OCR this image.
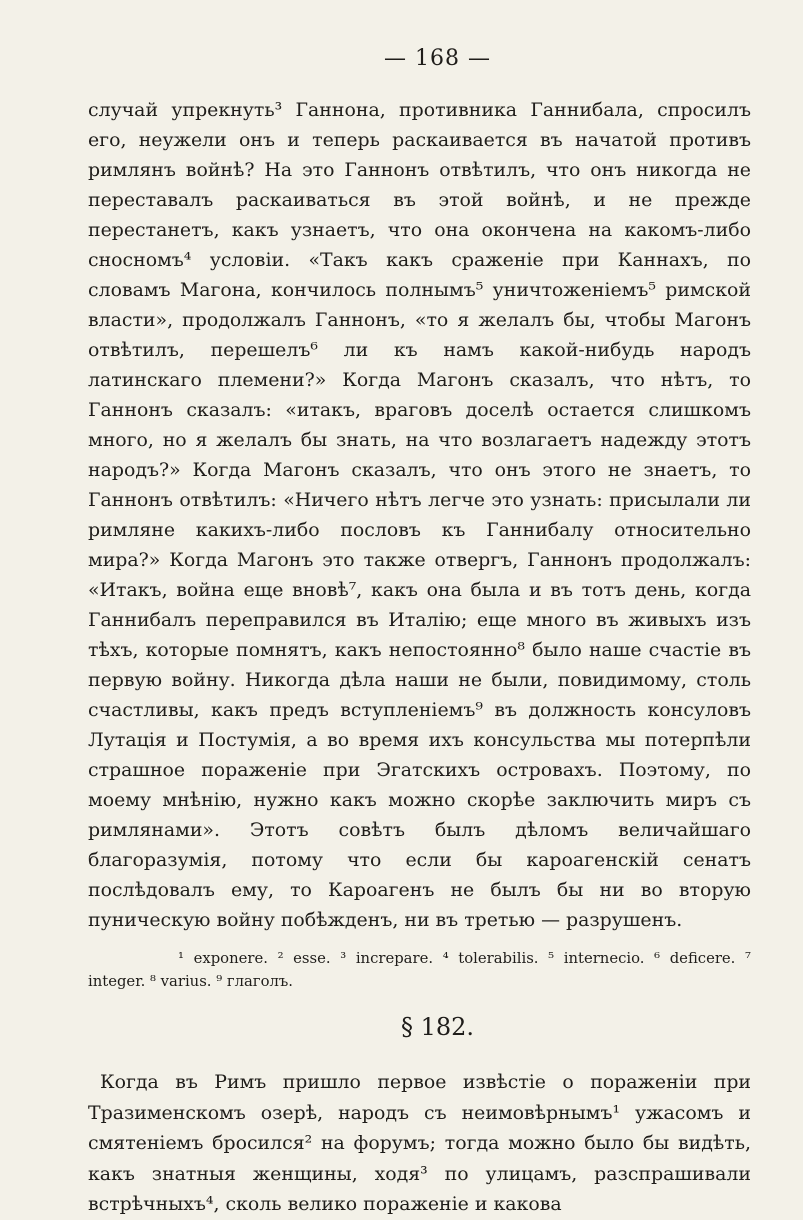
— 168 —

случай упрекнуть³ Ганнона, противника Ганнибала, спросилъ его, неужели онъ и теперь раскаивается въ начатой противъ римлянъ войнѣ? На это Ганнонъ отвѣтилъ, что онъ никогда не переставалъ раскаиваться въ этой войнѣ, и не прежде перестанетъ, какъ узнаетъ, что она окончена на какомъ-либо сносномъ⁴ условіи. «Такъ какъ сраженіе при Каннахъ, по словамъ Магона, кончилось полнымъ⁵ уничтоженіемъ⁵ римской власти», продолжалъ Ганнонъ, «то я желалъ бы, чтобы Магонъ отвѣтилъ, перешелъ⁶ ли къ намъ какой-нибудь народъ латинскаго племени?» Когда Магонъ сказалъ, что нѣтъ, то Ганнонъ сказалъ: «итакъ, враговъ доселѣ остается слишкомъ много, но я желалъ бы знать, на что возлагаетъ надежду этотъ народъ?» Когда Магонъ сказалъ, что онъ этого не знаетъ, то Ганнонъ отвѣтилъ: «Ничего нѣтъ легче это узнать: присылали ли римляне какихъ-либо пословъ къ Ганнибалу относительно мира?» Когда Магонъ это также отвергъ, Ганнонъ продолжалъ: «Итакъ, война еще вновѣ⁷, какъ она была и въ тотъ день, когда Ганнибалъ переправился въ Италію; еще много въ живыхъ изъ тѣхъ, которые помнятъ, какъ непостоянно⁸ было наше счастіе въ первую войну. Никогда дѣла наши не были, повидимому, столь счастливы, какъ предъ вступленіемъ⁹ въ должность консуловъ Лутація и Постумія, а во время ихъ консульства мы потерпѣли страшное пораженіе при Эгатскихъ островахъ. Поэтому, по моему мнѣнію, нужно какъ можно скорѣе заключить миръ съ римлянами». Этотъ совѣтъ былъ дѣломъ величайшаго благоразумія, потому что если бы кароагенскій сенатъ послѣдовалъ ему, то Кароагенъ не былъ бы ни во вторую пуническую войну побѣжденъ, ни въ третью — разрушенъ.

¹ exponere. ² esse. ³ increpare. ⁴ tolerabilis. ⁵ internecio. ⁶ deficere. ⁷ integer. ⁸ varius. ⁹ глаголъ.

§ 182.

Когда въ Римъ пришло первое извѣстіе о пораженіи при Тразименскомъ озерѣ, народъ съ неимовѣрнымъ¹ ужасомъ и смятеніемъ бросился² на форумъ; тогда можно было бы видѣть, какъ знатныя женщины, ходя³ по улицамъ, разспрашивали встрѣчныхъ⁴, сколь велико пораженіе и какова
